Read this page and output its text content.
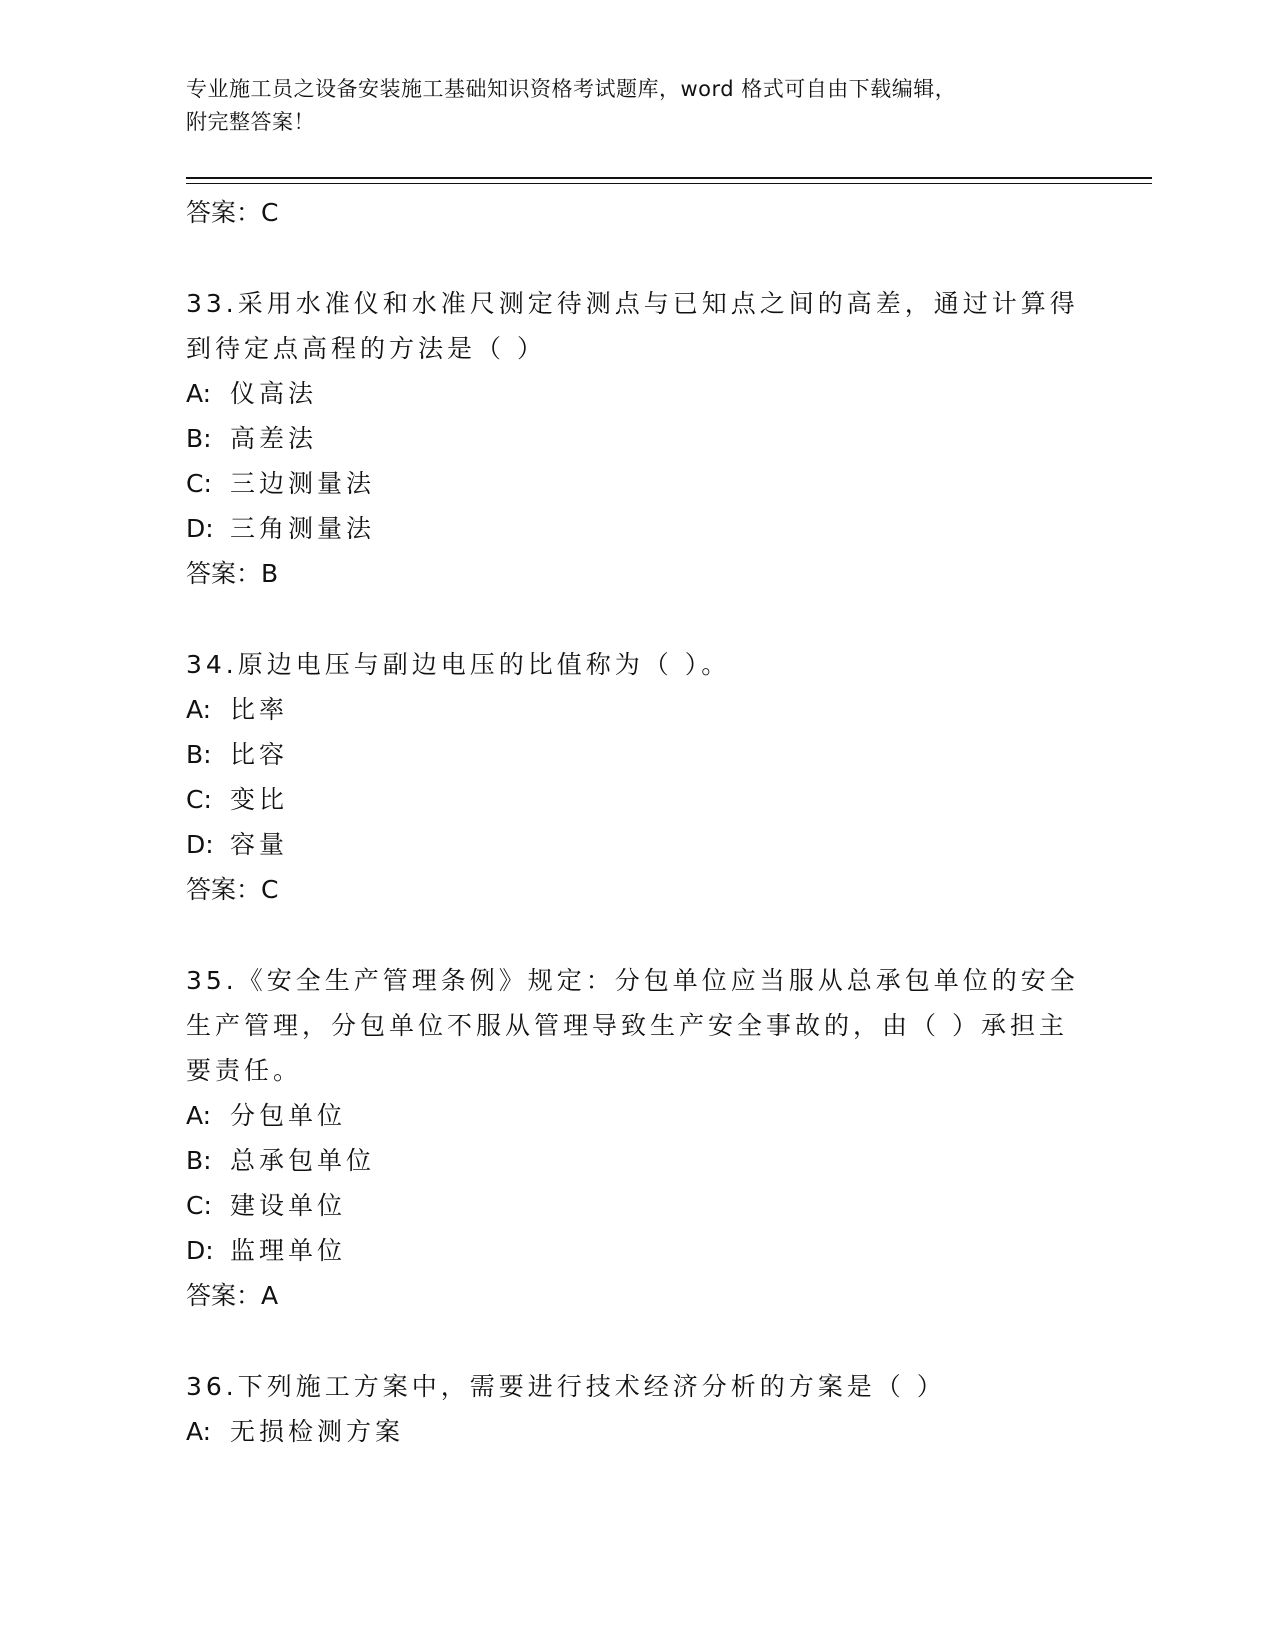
专业施工员之设备安装施工基础知识资格考试题库，word 格式可自由下载编辑，
附完整答案！
答案：C
33.采用水准仪和水准尺测定待测点与已知点之间的高差，通过计算得到待定点高程的方法是（ ）
A: 仪高法
B: 高差法
C: 三边测量法
D: 三角测量法
答案：B
34.原边电压与副边电压的比值称为（ ）。
A: 比率
B: 比容
C: 变比
D: 容量
答案：C
35.《安全生产管理条例》规定：分包单位应当服从总承包单位的安全生产管理，分包单位不服从管理导致生产安全事故的，由（ ）承担主要责任。
A: 分包单位
B: 总承包单位
C: 建设单位
D: 监理单位
答案：A
36.下列施工方案中，需要进行技术经济分析的方案是（ ）
A: 无损检测方案
